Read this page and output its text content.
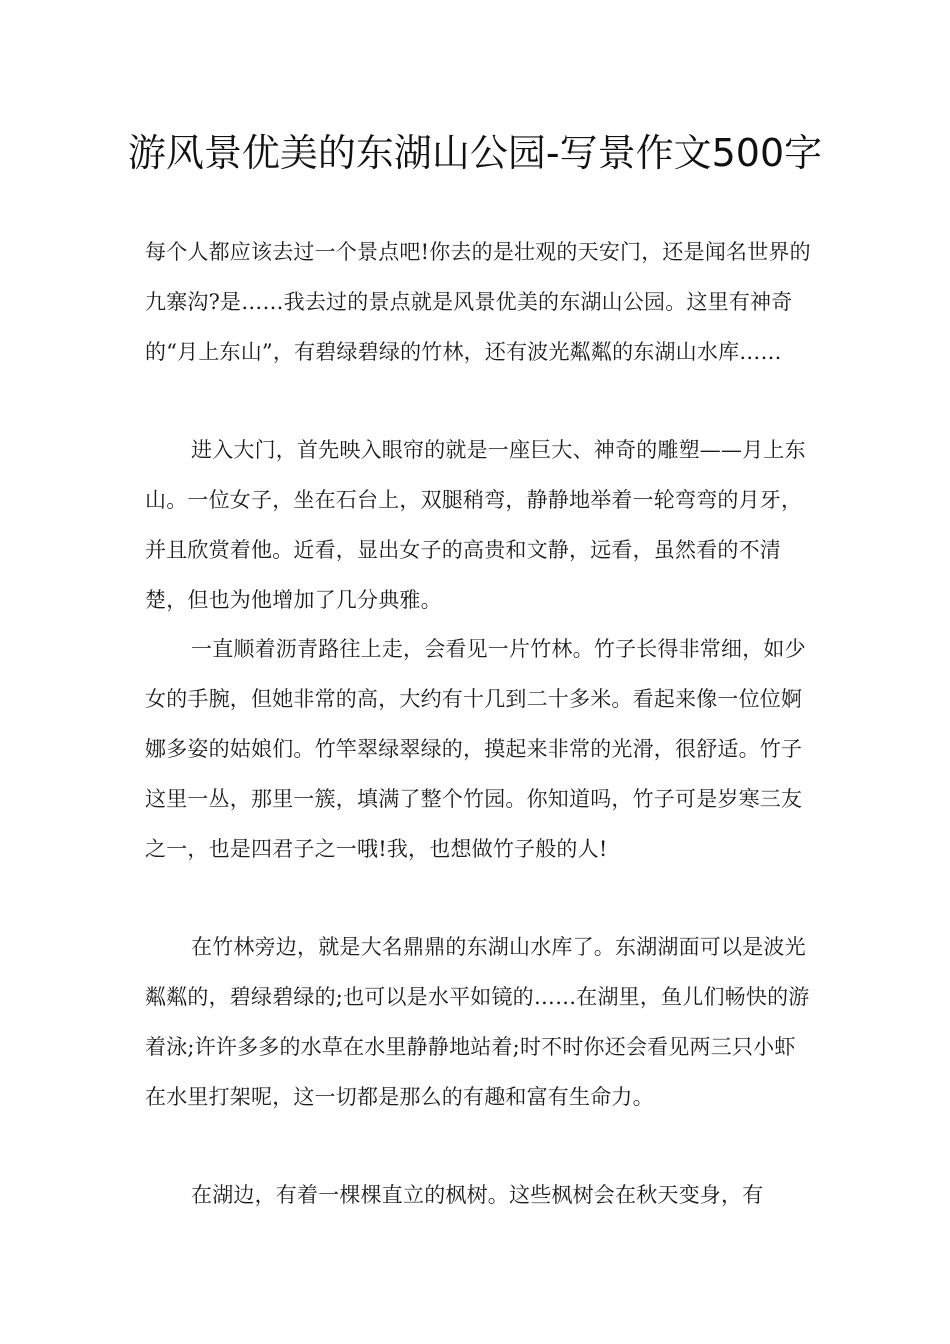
游风景优美的东湖山公园-写景作文500字

每个人都应该去过一个景点吧!你去的是壮观的天安门，还是闻名世界的九寨沟?是……我去过的景点就是风景优美的东湖山公园。这里有神奇的“月上东山”，有碧绿碧绿的竹林，还有波光粼粼的东湖山水库……

进入大门，首先映入眼帘的就是一座巨大、神奇的雕塑——月上东山。一位女子，坐在石台上，双腿稍弯，静静地举着一轮弯弯的月牙，并且欣赏着他。近看，显出女子的高贵和文静，远看，虽然看的不清楚，但也为他增加了几分典雅。

一直顺着沥青路往上走，会看见一片竹林。竹子长得非常细，如少女的手腕，但她非常的高，大约有十几到二十多米。看起来像一位位婀娜多姿的姑娘们。竹竿翠绿翠绿的，摸起来非常的光滑，很舒适。竹子这里一丛，那里一簇，填满了整个竹园。你知道吗，竹子可是岁寒三友之一，也是四君子之一哦!我，也想做竹子般的人!

在竹林旁边，就是大名鼎鼎的东湖山水库了。东湖湖面可以是波光粼粼的，碧绿碧绿的;也可以是水平如镜的……在湖里，鱼儿们畅快的游着泳;许许多多的水草在水里静静地站着;时不时你还会看见两三只小虾在水里打架呢，这一切都是那么的有趣和富有生命力。

在湖边，有着一棵棵直立的枫树。这些枫树会在秋天变身，有
